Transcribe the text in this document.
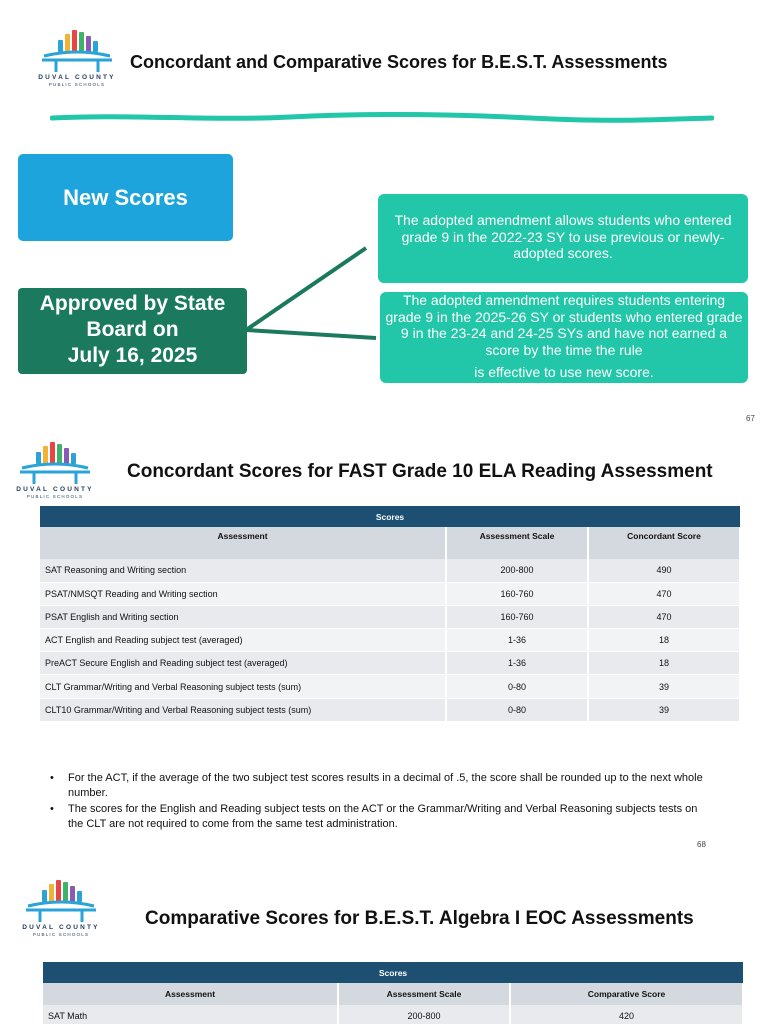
DUVAL COUNTY
PUBLIC SCHOOLS
Concordant and Comparative Scores for B.E.S.T. Assessments
New Scores
Approved by State
Board on
July 16, 2025
The adopted amendment allows students who entered grade 9 in the 2022-23 SY to use previous or newly-adopted scores.
The adopted amendment requires students entering grade 9 in the 2025-26 SY or students who entered grade 9 in the 23-24 and 24-25 SYs and have not earned a score by the time the rule
is effective to use new score.
67
DUVAL COUNTY
PUBLIC SCHOOLS
Concordant Scores for FAST Grade 10 ELA Reading Assessment
Scores		
Assessment	Assessment Scale	Concordant Score
SAT Reasoning and Writing section	200-800	490
PSAT/NMSQT Reading and Writing section	160-760	470
PSAT English and Writing section	160-760	470
ACT English and Reading subject test (averaged)	1-36	18
PreACT Secure English and Reading subject test (averaged)	1-36	18
CLT Grammar/Writing and Verbal Reasoning subject tests (sum)	0-80	39
CLT10 Grammar/Writing and Verbal Reasoning subject tests (sum)	0-80	39
• For the ACT, if the average of the two subject test scores results in a decimal of .5, the score shall be rounded up to the next whole number.
• The scores for the English and Reading subject tests on the ACT or the Grammar/Writing and Verbal Reasoning subjects tests on the CLT are not required to come from the same test administration.
68
DUVAL COUNTY
PUBLIC SCHOOLS
Comparative Scores for B.E.S.T. Algebra I EOC Assessments
Scores		
Assessment	Assessment Scale	Comparative Score
SAT Math	200-800	420
